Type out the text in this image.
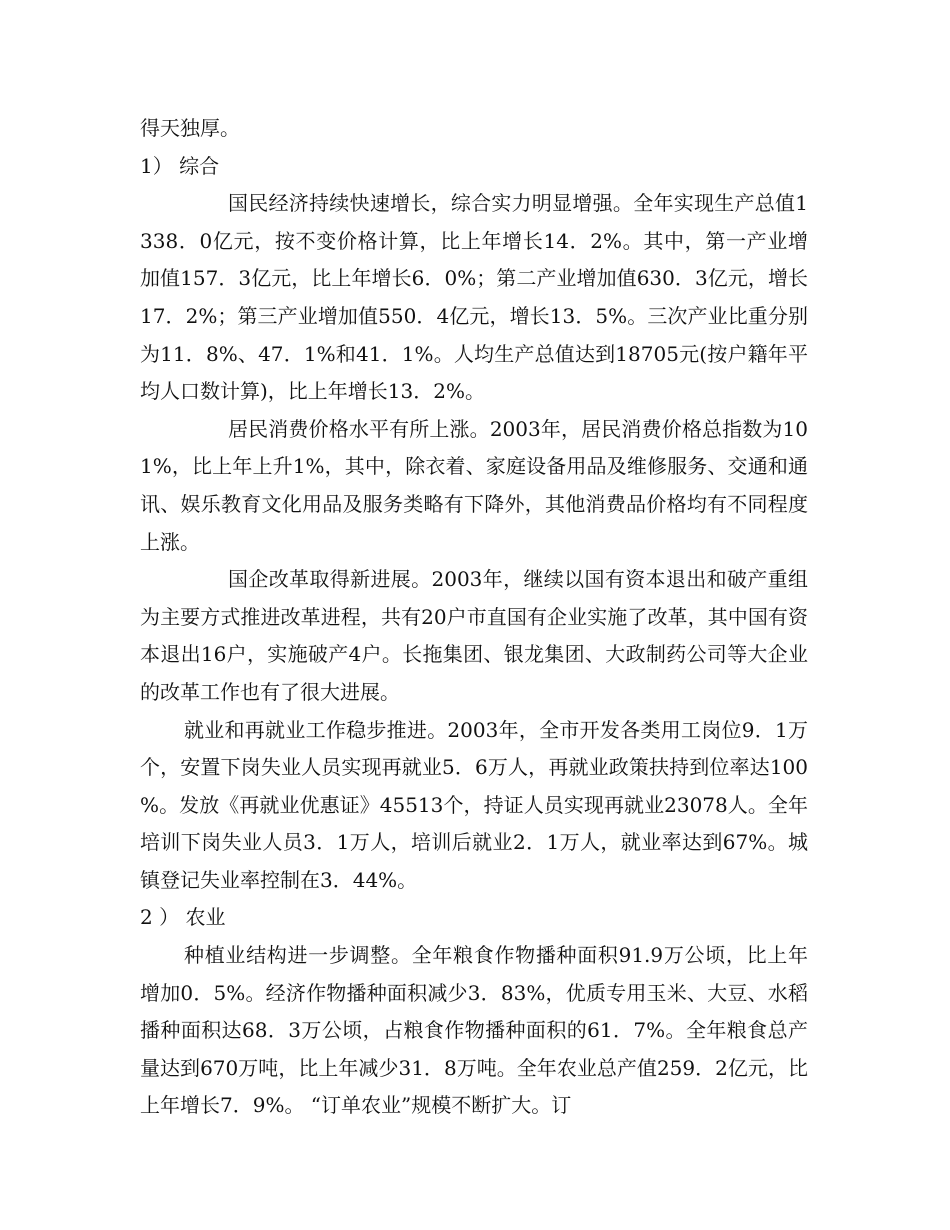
得天独厚。

1） 综合

国民经济持续快速增长，综合实力明显增强。全年实现生产总值1338．0亿元，按不变价格计算，比上年增长14．2%。其中，第一产业增加值157．3亿元，比上年增长6．0%；第二产业增加值630．3亿元，增长17．2%；第三产业增加值550．4亿元，增长13．5%。三次产业比重分别为11．8%、47．1%和41．1%。人均生产总值达到18705元(按户籍年平均人口数计算)，比上年增长13．2%。

居民消费价格水平有所上涨。2003年，居民消费价格总指数为101%，比上年上升1%，其中，除衣着、家庭设备用品及维修服务、交通和通讯、娱乐教育文化用品及服务类略有下降外，其他消费品价格均有不同程度上涨。

国企改革取得新进展。2003年，继续以国有资本退出和破产重组为主要方式推进改革进程，共有20户市直国有企业实施了改革，其中国有资本退出16户，实施破产4户。长拖集团、银龙集团、大政制药公司等大企业的改革工作也有了很大进展。

就业和再就业工作稳步推进。2003年，全市开发各类用工岗位9．1万个，安置下岗失业人员实现再就业5．6万人，再就业政策扶持到位率达100%。发放《再就业优惠证》45513个，持证人员实现再就业23078人。全年培训下岗失业人员3．1万人，培训后就业2．1万人，就业率达到67%。城镇登记失业率控制在3．44%。

2 ） 农业

种植业结构进一步调整。全年粮食作物播种面积91.9万公顷，比上年增加0．5%。经济作物播种面积减少3．83%，优质专用玉米、大豆、水稻播种面积达68．3万公顷，占粮食作物播种面积的61．7%。全年粮食总产量达到670万吨，比上年减少31．8万吨。全年农业总产值259．2亿元，比上年增长7．9%。 “订单农业”规模不断扩大。订
